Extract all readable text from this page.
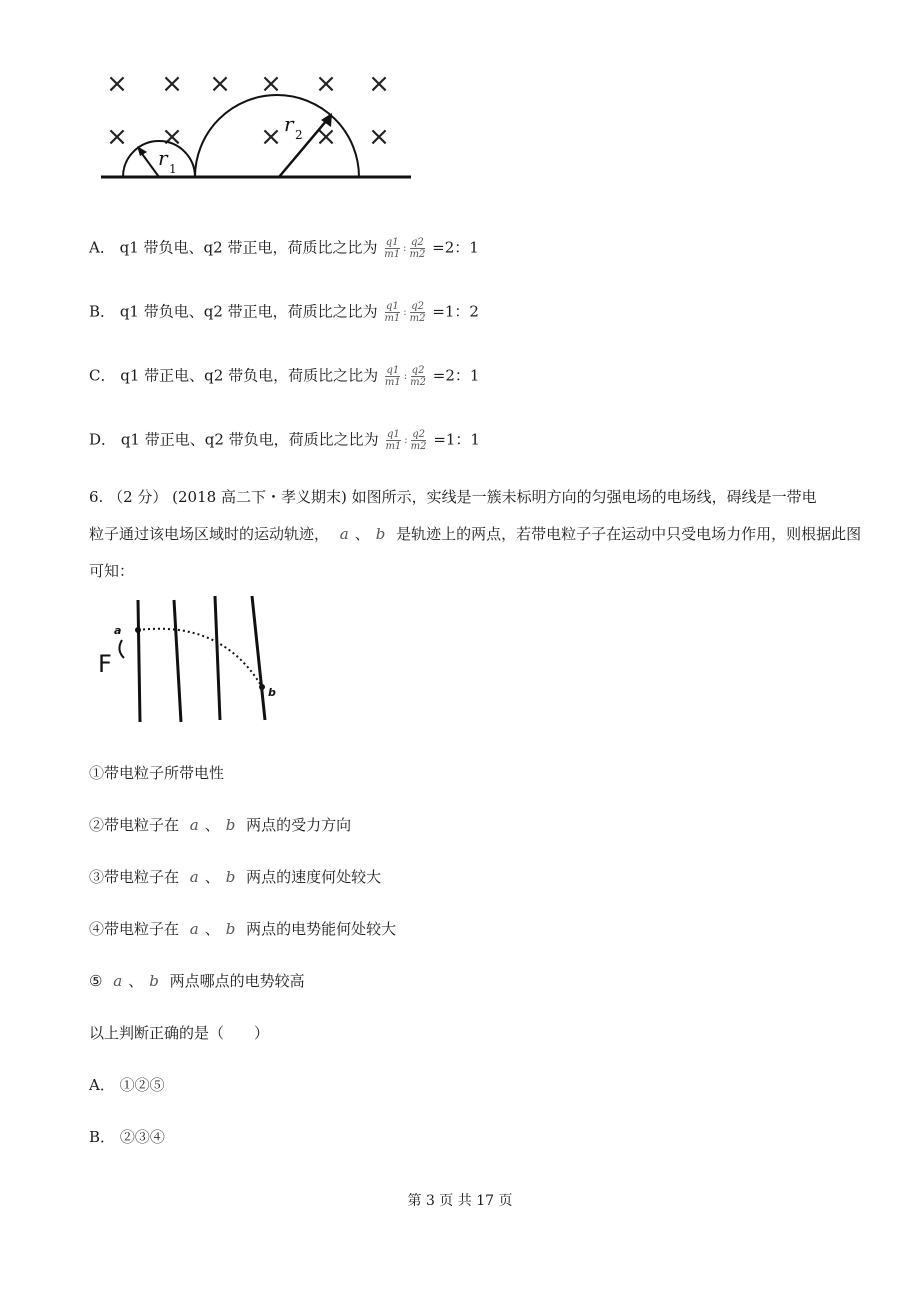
× × × × × ×
× ×	× × ×
r 1
r 2
A． q1 带负电、q2 带正电，荷质比之比为 $\frac{q1}{m1}$ : $\frac{q2}{m2} =2$：1
B． q1 带负电、q2 带正电，荷质比之比为 $\frac{q1}{m1}$ : $\frac{q2}{m2} =1$：2
C． q1 带正电、q2 带负电，荷质比之比为 $\frac{q1}{m1}$ : $\frac{q2}{m2} =2$：1
D． q1 带正电、q2 带负电，荷质比之比为 $\frac{q1}{m1}$ : $\frac{q2}{m2} =1$：1
6. （2 分） (2018 高二下・孝义期末) 如图所示，实线是一簇未标明方向的匀强电场的电场线，碍线是一带电
粒子通过该电场区域时的运动轨迹， a 、 b 是轨迹上的两点，若带电粒子子在运动中只受电场力作用，则根据此图
可知：
F
a
b
①带电粒子所带电性
②带电粒子在 a 、 b 两点的受力方向
③带电粒子在 a 、 b 两点的速度何处较大
④带电粒子在 a 、 b 两点的电势能何处较大
⑤ a 、 b 两点哪点的电势较高
以上判断正确的是（　　）
A． ①②⑤
B． ②③④
第 3 页 共 17 页
